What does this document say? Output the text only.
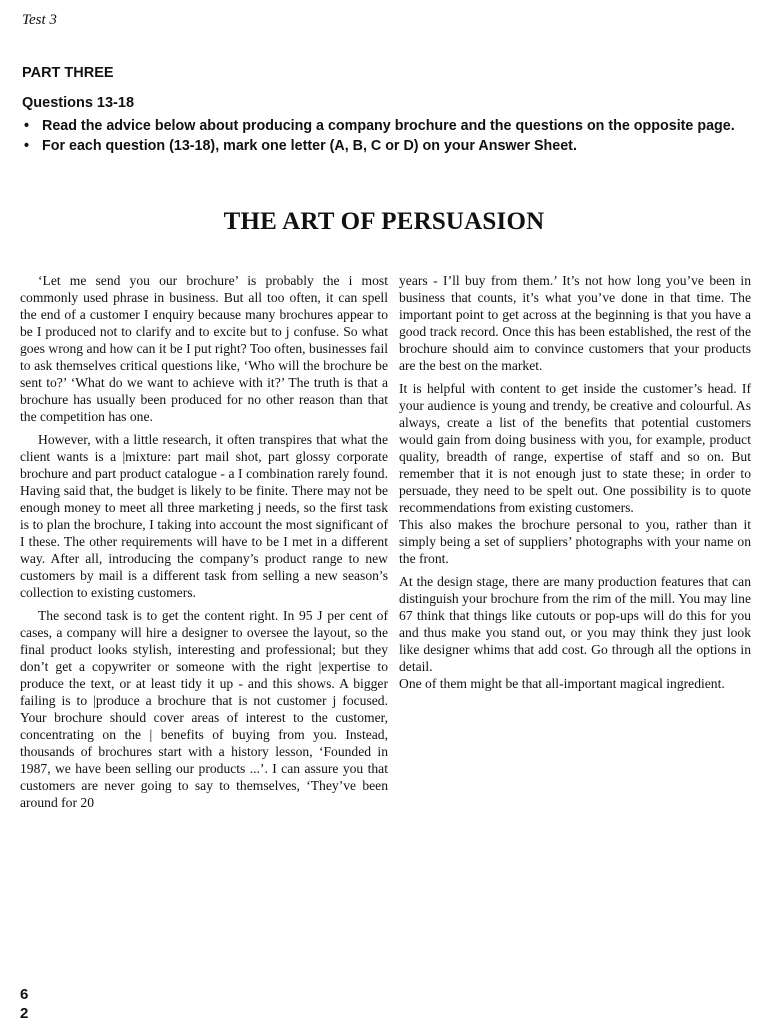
Test 3
PART THREE
Questions 13-18
• Read the advice below about producing a company brochure and the questions on the opposite page.
• For each question (13-18), mark one letter (A, B, C or D) on your Answer Sheet.
THE ART OF PERSUASION

‘Let me send you our brochure’ is probably the i most commonly used phrase in business. But all too often, it can spell the end of a customer I enquiry because many brochures appear to be I produced not to clarify and to excite but to j confuse. So what goes wrong and how can it be I put right? Too often, businesses fail to ask themselves critical questions like, ‘Who will the brochure be sent to?’ ‘What do we want to achieve with it?’ The truth is that a brochure has usually been produced for no other reason than that the competition has one.

However, with a little research, it often transpires that what the client wants is a |mixture: part mail shot, part glossy corporate brochure and part product catalogue - a I combination rarely found. Having said that, the budget is likely to be finite. There may not be enough money to meet all three marketing j needs, so the first task is to plan the brochure, I taking into account the most significant of I these. The other requirements will have to be I met in a different way. After all, introducing the company’s product range to new customers by mail is a different task from selling a new season’s collection to existing customers.

The second task is to get the content right. In 95 J per cent of cases, a company will hire a designer to oversee the layout, so the final product looks stylish, interesting and professional; but they don’t get a copywriter or someone with the right |expertise to produce the text, or at least tidy it up - and this shows. A bigger failing is to |produce a brochure that is not customer j focused. Your brochure should cover areas of interest to the customer, concentrating on the | benefits of buying from you. Instead, thousands of brochures start with a history lesson, ‘Founded in 1987, we have been selling our products ...’. I can assure you that customers are never going to say to themselves, ‘They’ve been around for 20

years - I’ll buy from them.’ It’s not how long you’ve been in business that counts, it’s what you’ve done in that time. The important point to get across at the beginning is that you have a good track record. Once this has been established, the rest of the brochure should aim to convince customers that your products are the best on the market.

It is helpful with content to get inside the customer’s head. If your audience is young and trendy, be creative and colourful. As always, create a list of the benefits that potential customers would gain from doing business with you, for example, product quality, breadth of range, expertise of staff and so on. But remember that it is not enough just to state these; in order to persuade, they need to be spelt out. One possibility is to quote recommendations from existing customers.

This also makes the brochure personal to you, rather than it simply being a set of suppliers’ photographs with your name on the front.

At the design stage, there are many production features that can distinguish your brochure from the rim of the mill. You may line 67 think that things like cutouts or pop-ups will do this for you and thus make you stand out, or you may think they just look like designer whims that add cost. Go through all the options in detail.

One of them might be that all-important magical ingredient.

6
2
